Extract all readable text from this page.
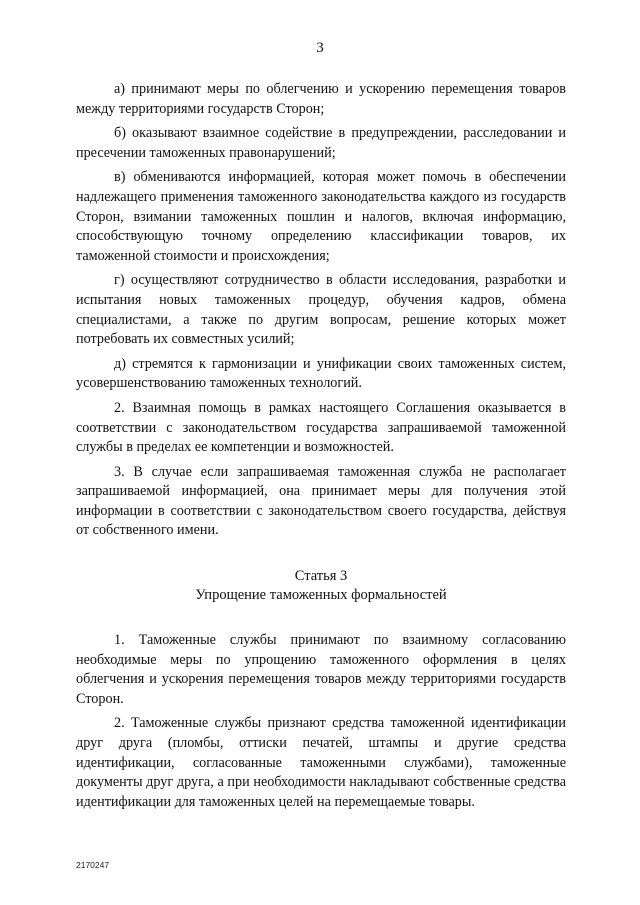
3

а) принимают меры по облегчению и ускорению перемещения товаров между территориями государств Сторон;

б) оказывают взаимное содействие в предупреждении, расследовании и пресечении таможенных правонарушений;

в) обмениваются информацией, которая может помочь в обеспечении надлежащего применения таможенного законодательства каждого из государств Сторон, взимании таможенных пошлин и налогов, включая информацию, способствующую точному определению классификации товаров, их таможенной стоимости и происхождения;

г) осуществляют сотрудничество в области исследования, разработки и испытания новых таможенных процедур, обучения кадров, обмена специалистами, а также по другим вопросам, решение которых может потребовать их совместных усилий;

д) стремятся к гармонизации и унификации своих таможенных систем, усовершенствованию таможенных технологий.

2. Взаимная помощь в рамках настоящего Соглашения оказывается в соответствии с законодательством государства запрашиваемой таможенной службы в пределах ее компетенции и возможностей.

3. В случае если запрашиваемая таможенная служба не располагает запрашиваемой информацией, она принимает меры для получения этой информации в соответствии с законодательством своего государства, действуя от собственного имени.

Статья 3
Упрощение таможенных формальностей

1. Таможенные службы принимают по взаимному согласованию необходимые меры по упрощению таможенного оформления в целях облегчения и ускорения перемещения товаров между территориями государств Сторон.

2. Таможенные службы признают средства таможенной идентификации друг друга (пломбы, оттиски печатей, штампы и другие средства идентификации, согласованные таможенными службами), таможенные документы друг друга, а при необходимости накладывают собственные средства идентификации для таможенных целей на перемещаемые товары.

2170247
